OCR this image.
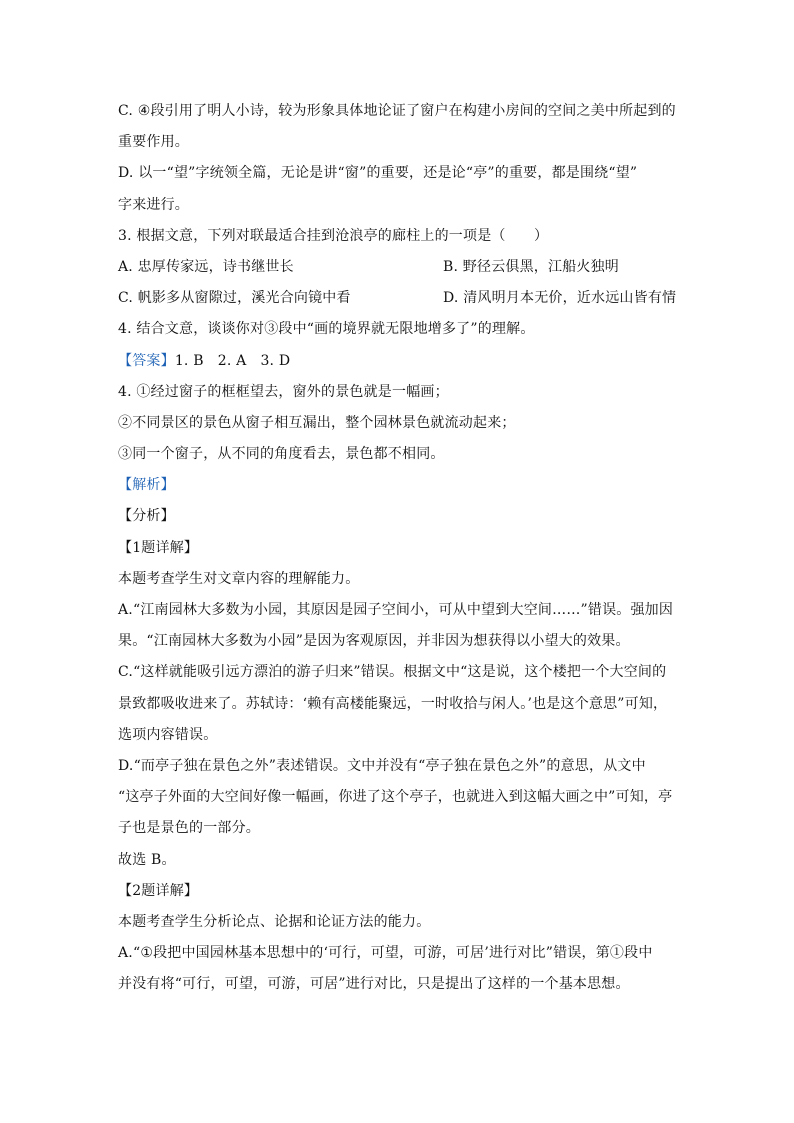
C. ④段引用了明人小诗，较为形象具体地论证了窗户在构建小房间的空间之美中所起到的
重要作用。
D. 以一“望”字统领全篇，无论是讲“窗”的重要，还是论“亭”的重要，都是围绕“望”
字来进行。
3. 根据文意，下列对联最适合挂到沧浪亭的廊柱上的一项是（　　）
A. 忠厚传家远，诗书继世长	B. 野径云俱黑，江船火独明
C. 帆影多从窗隙过，溪光合向镜中看	D. 清风明月本无价，近水远山皆有情
4. 结合文意，谈谈你对③段中“画的境界就无限地增多了”的理解。
【答案】1. B 2. A 3. D
4. ①经过窗子的框框望去，窗外的景色就是一幅画；
②不同景区的景色从窗子相互漏出，整个园林景色就流动起来；
③同一个窗子，从不同的角度看去，景色都不相同。
【解析】
【分析】
【1题详解】
本题考查学生对文章内容的理解能力。
A.“江南园林大多数为小园，其原因是园子空间小，可从中望到大空间……”错误。强加因
果。“江南园林大多数为小园”是因为客观原因，并非因为想获得以小望大的效果。
C.“这样就能吸引远方漂泊的游子归来”错误。根据文中“这是说，这个楼把一个大空间的
景致都吸收进来了。苏轼诗：‘赖有高楼能聚远，一时收拾与闲人。’也是这个意思”可知，
选项内容错误。
D.“而亭子独在景色之外”表述错误。文中并没有“亭子独在景色之外”的意思，从文中
“这亭子外面的大空间好像一幅画，你进了这个亭子，也就进入到这幅大画之中”可知，亭
子也是景色的一部分。
故选 B。
【2题详解】
本题考查学生分析论点、论据和论证方法的能力。
A.“①段把中国园林基本思想中的‘可行，可望，可游，可居’进行对比”错误，第①段中
并没有将“可行，可望，可游，可居”进行对比，只是提出了这样的一个基本思想。
